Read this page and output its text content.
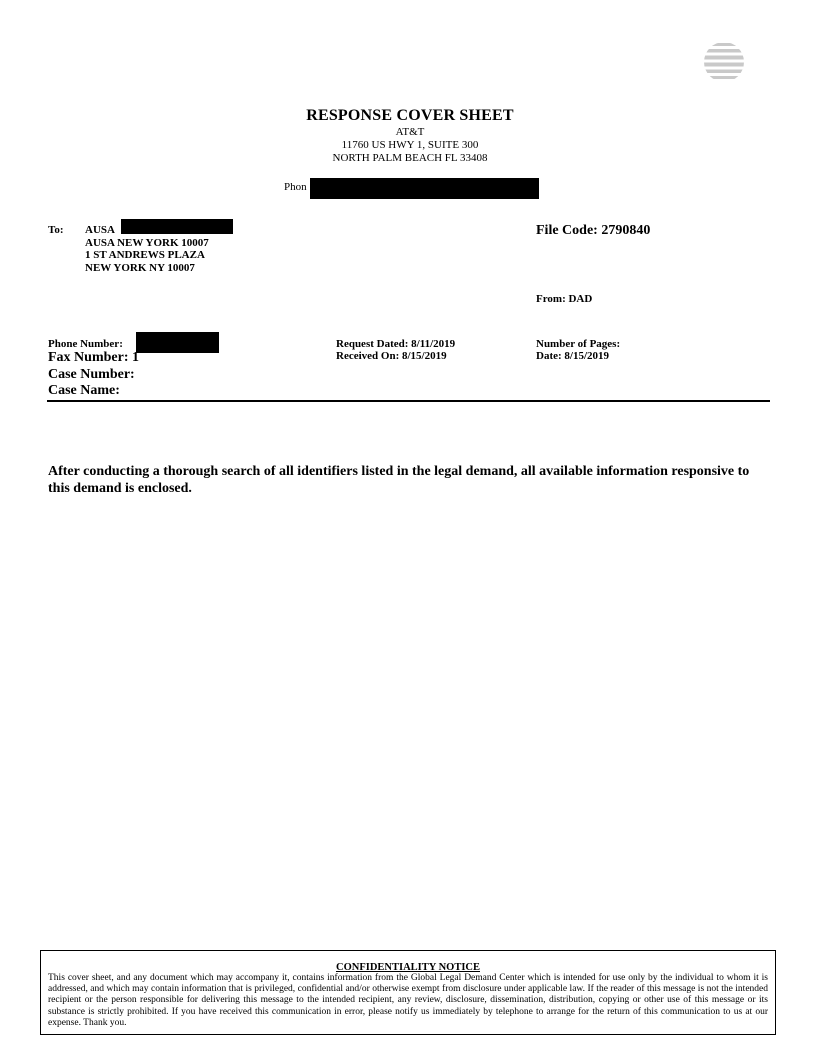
RESPONSE COVER SHEET
AT&T
11760 US HWY 1, SUITE 300
NORTH PALM BEACH FL 33408
Phon
To: AUSA
AUSA NEW YORK 10007
1 ST ANDREWS PLAZA
NEW YORK NY 10007
File Code: 2790840
From: DAD
Phone Number:
Fax Number: 1
Case Number:
Case Name:
Request Dated: 8/11/2019
Received On: 8/15/2019
Number of Pages:
Date: 8/15/2019
After conducting a thorough search of all identifiers listed in the legal demand, all available information responsive to this demand is enclosed.
CONFIDENTIALITY NOTICE
This cover sheet, and any document which may accompany it, contains information from the Global Legal Demand Center which is intended for use only by the individual to whom it is addressed, and which may contain information that is privileged, confidential and/or otherwise exempt from disclosure under applicable law. If the reader of this message is not the intended recipient or the person responsible for delivering this message to the intended recipient, any review, disclosure, dissemination, distribution, copying or other use of this message or its substance is strictly prohibited. If you have received this communication in error, please notify us immediately by telephone to arrange for the return of this communication to us at our expense. Thank you.
